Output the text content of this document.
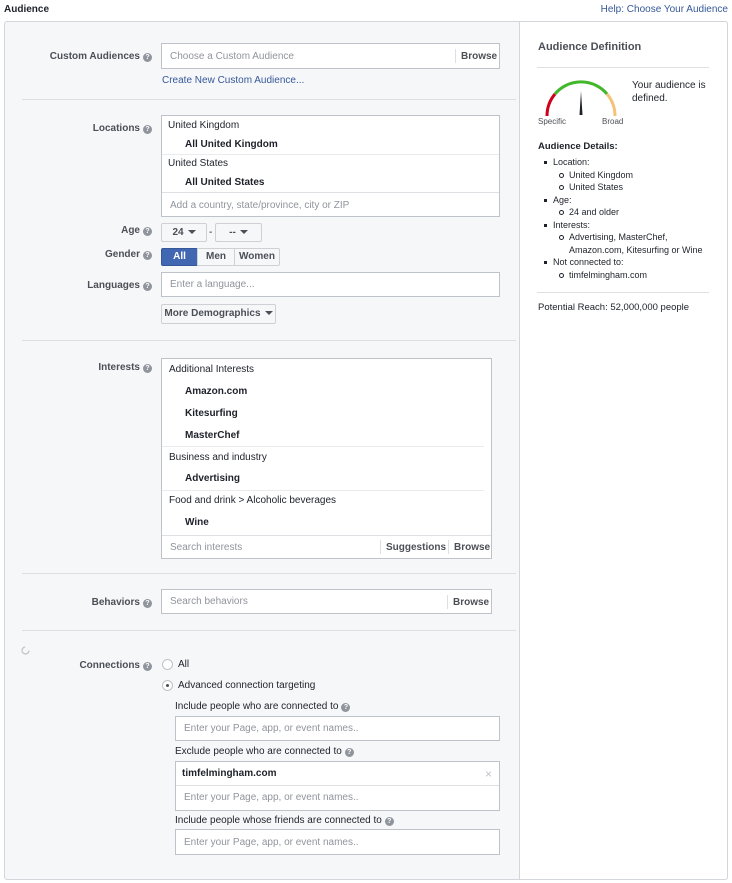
Audience	Help: Choose Your Audience
Custom Audiences ? Choose a Custom Audience	Browse
Create New Custom Audience...
Locations ? United Kingdom
All United Kingdom
United States
All United States
Add a country, state/province, city or ZIP
Age ?	24	-	--
Gender ?	All	Men	Women
Languages ? Enter a language...
More Demographics
Interests ? Additional Interests
Amazon.com
Kitesurfing
MasterChef
Business and industry
Advertising
Food and drink > Alcoholic beverages
Wine
Search interests	Suggestions Browse
Behaviors ? Search behaviors	Browse
Connections ?	All
Advanced connection targeting
Include people who are connected to ?
Enter your Page, app, or event names..
Exclude people who are connected to ?
timfelmingham.com	×
Enter your Page, app, or event names..
Include people whose friends are connected to ?
Enter your Page, app, or event names..
Audience Definition
Specific	Broad
Your audience is defined.
Audience Details:
Location:
United Kingdom
United States
Age:
24 and older
Interests:
Advertising, MasterChef, Amazon.com, Kitesurfing or Wine
Not connected to:
timfelmingham.com
Potential Reach: 52,000,000 people
